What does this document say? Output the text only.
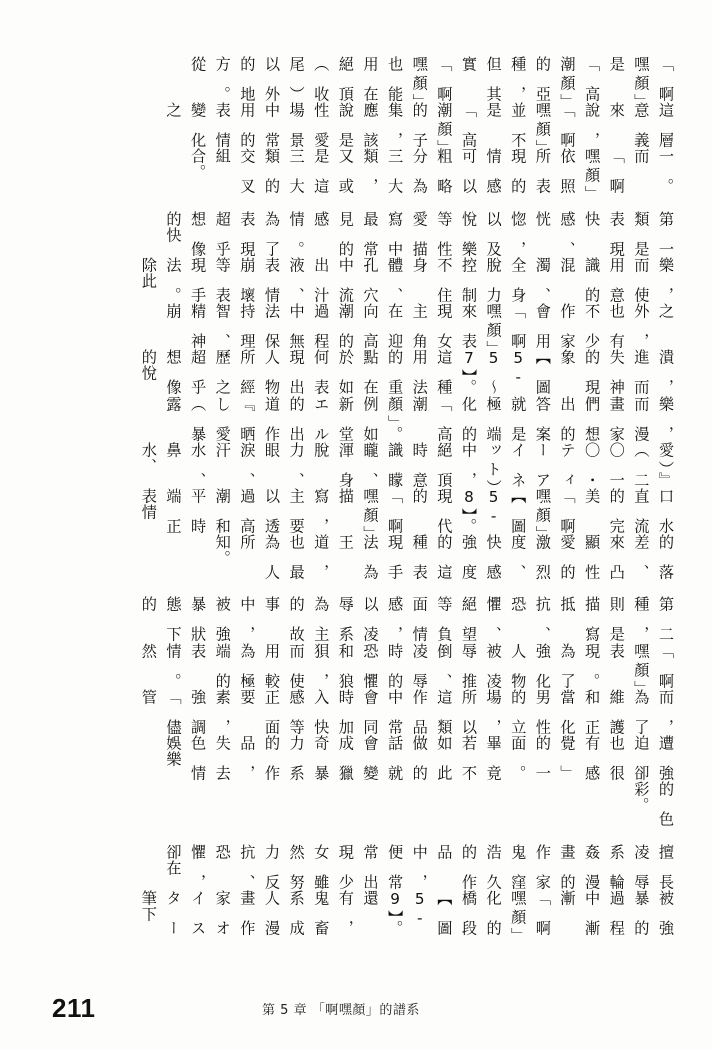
「啊嘿顏」是「高潮顏」的亞種，但其實「啊嘿顏」也能用在絕頂（收尾）以外的地方。從
這層意義來說，「啊嘿顏」並不是「高潮顏」的子集，應該說是性愛場景中常用的表情變化之
一。而「啊嘿顏」依照所表現的情感可以粗略分為三大類，又或是這三大類的交叉組合。
第一類是表現快感、恍惚，以及悅樂等性愛描寫中最常見的感情。為了表現超乎想像的快
樂，而使用意識的混濁、全身脫力控制不住身體、孔穴中流出汁液、表情崩壞等表現手法。除此
之外，也有不少作家會用「啊嘿顏」來表現女主角在迎向高潮的過程中無法保持理智、精神崩
潰，進而失神的現象【圖5-5～7】。這種用法的重點在於如何表現出人物所經歷之超乎想像的悅
樂，而漫畫家們想出的答案就是極端化的「高潮顏」。例如新堂エル的出道作『晒し愛（暴露
愛）』（二〇一〇・ティーアイネット）中，絕頂時意識矇矓、渾身脫力、眼淚、汗水、鼻水、
口水直流的完美「啊嘿顏」【圖5-8】。現代的「啊嘿顏」描寫，主要以透過高潮和平時端正表情
的落差、來凸顯性愛的激烈度、快感強度的這種表現手法為王道，也最為人所知。
第二種，則是描寫抵抗、恐懼、絕望等負面情感，以凌辱系為主的故事中，被強暴狀態下的
「啊嘿顏」表現。為了強化人物被凌辱推倒、凌辱時的恐懼和狼狽，而使用較為極端的表情。然
而，為了維護和正當化男性的立場，所以這類作品中常會同時加入快感等正面要素，強調「儘管
遭強迫卻也很有感覺」的一面。畢竟若不如此做的話就會變成獵奇暴力系的作品，失去色情娛樂
的色彩。
擅長凌辱系輪姦漫畫的作家鬼窪浩久的作品中，便常常出現少女雖然努力反抗、恐懼，卻在
被強暴的過程中漸漸「啊嘿顏」化的橋段【圖5-9】。還有，鬼畜系成人漫畫作家オイスター筆下
211	第 5 章 「啊嘿顏」的譜系
